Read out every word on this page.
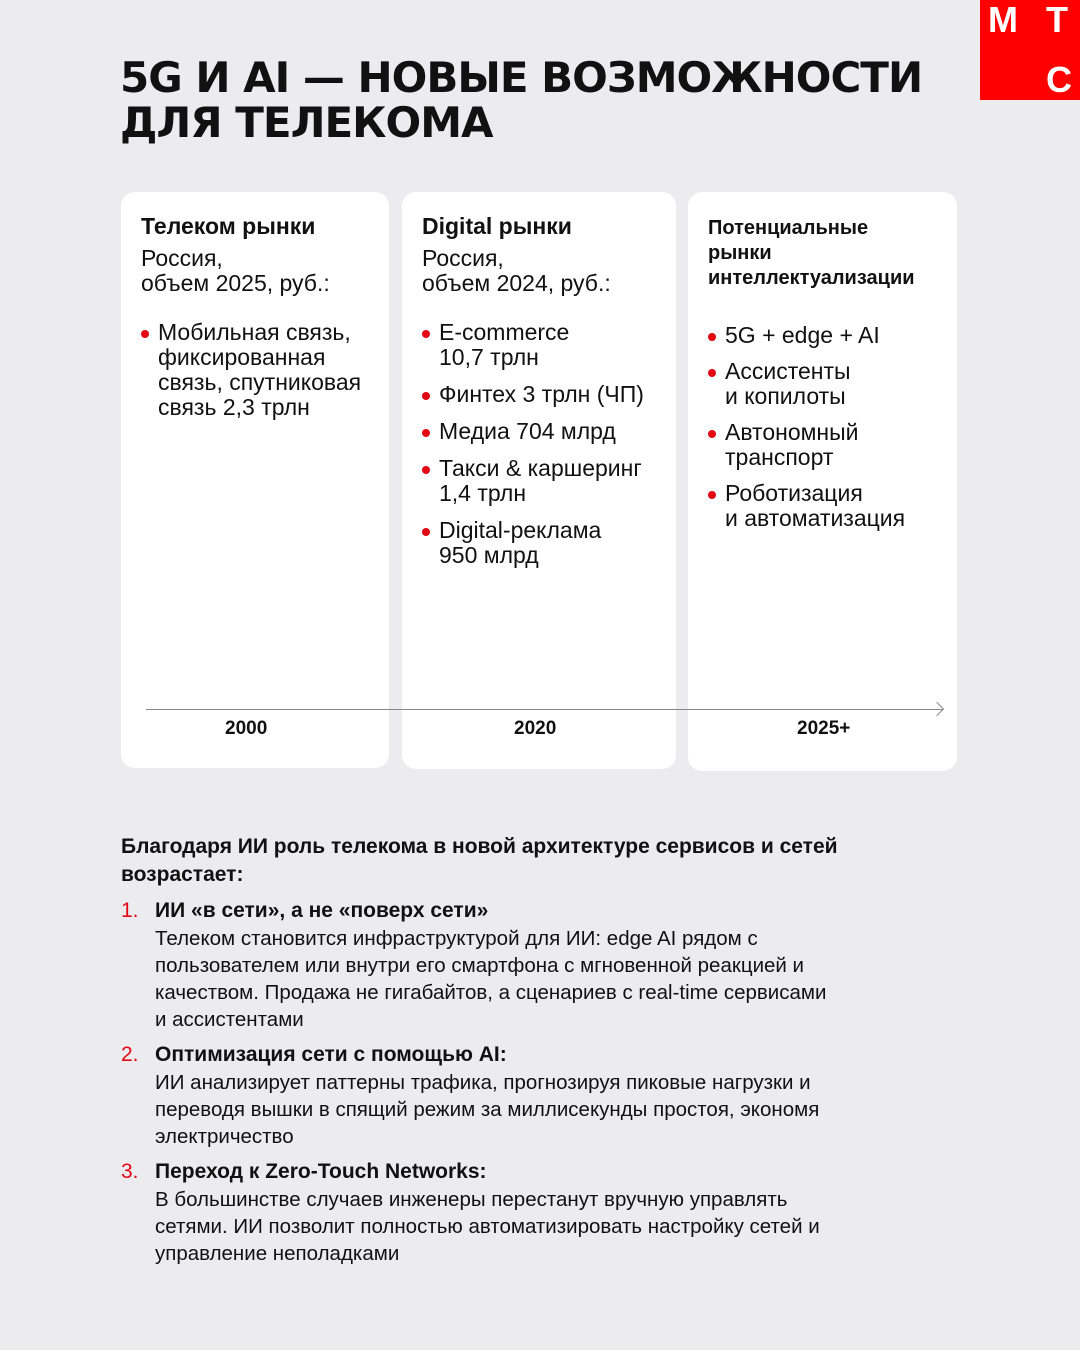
М Т
С
5G И AI — НОВЫЕ ВОЗМОЖНОСТИ
ДЛЯ ТЕЛЕКОМА
Телеком рынки
Россия,
объем 2025, руб.:
Мобильная связь,
фиксированная
связь, спутниковая
связь 2,3 трлн
Digital рынки
Россия,
объем 2024, руб.:
E-commerce
10,7 трлн
Финтех 3 трлн (ЧП)
Медиа 704 млрд
Такси & каршеринг
1,4 трлн
Digital-реклама
950 млрд
Потенциальные
рынки
интеллектуализации
5G + edge + AI
Ассистенты
и копилоты
Автономный
транспорт
Роботизация
и автоматизация
2000	2020	2025+
Благодаря ИИ роль телекома в новой архитектуре сервисов и сетей возрастает:
1. ИИ «в сети», а не «поверх сети»
Телеком становится инфраструктурой для ИИ: edge AI рядом с
пользователем или внутри его смартфона с мгновенной реакцией и
качеством. Продажа не гигабайтов, а сценариев с real-time сервисами
и ассистентами
2. Оптимизация сети с помощью AI:
ИИ анализирует паттерны трафика, прогнозируя пиковые нагрузки и
переводя вышки в спящий режим за миллисекунды простоя, экономя
электричество
3. Переход к Zero-Touch Networks:
В большинстве случаев инженеры перестанут вручную управлять
сетями. ИИ позволит полностью автоматизировать настройку сетей и
управление неполадками
